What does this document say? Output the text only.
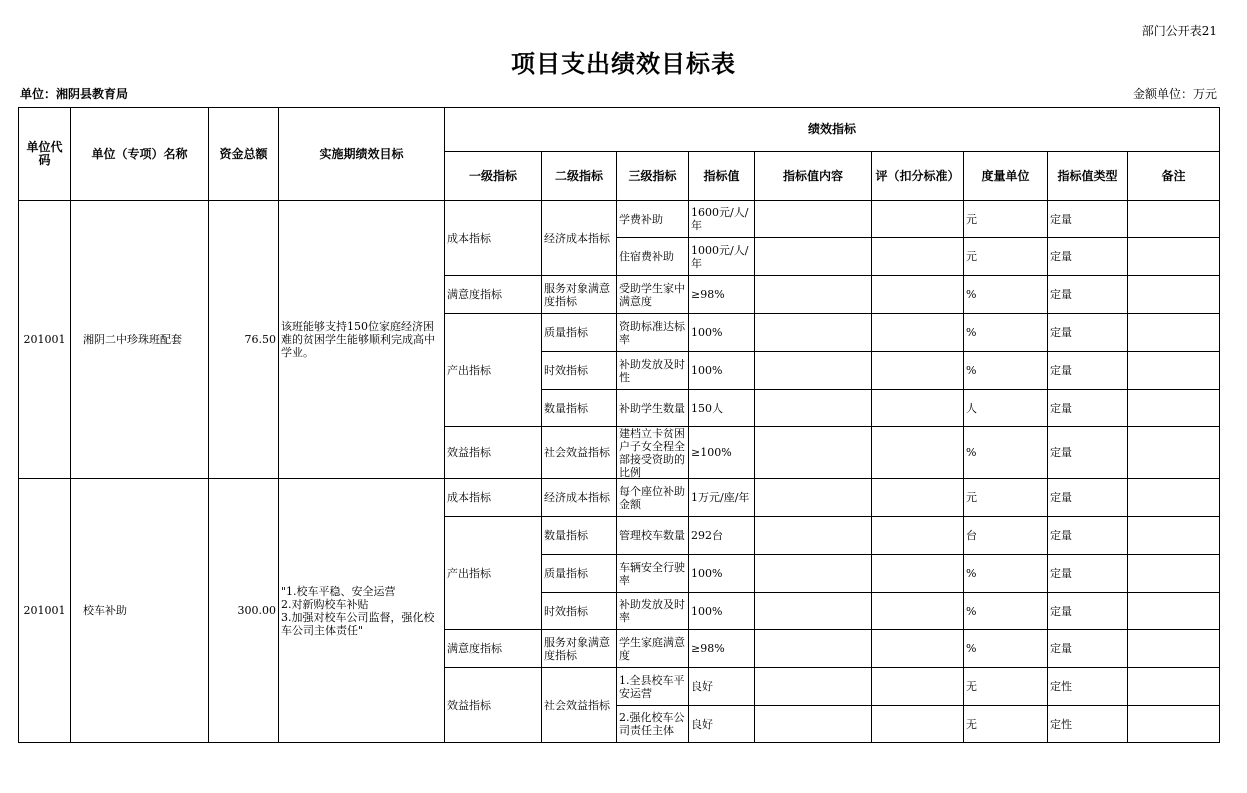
部门公开表21
项目支出绩效目标表
单位：湘阴县教育局	金额单位：万元
单位代码	单位（专项）名称	资金总额	实施期绩效目标	绩效指标								
				一级指标	二级指标	三级指标	指标值	指标值内容	评（扣分标准）	度量单位	指标值类型	备注
201001	湘阴二中珍珠班配套	76.50	该班能够支持150位家庭经济困难的贫困学生能够顺利完成高中学业。	成本指标	经济成本指标	学费补助	1600元/人/年			元	定量	
						住宿费补助	1000元/人/年			元	定量	
				满意度指标	服务对象满意度指标	受助学生家中满意度	≥98%			%	定量	
				产出指标	质量指标	资助标准达标率	100%			%	定量	
					时效指标	补助发放及时性	100%			%	定量	
					数量指标	补助学生数量	150人			人	定量	
				效益指标	社会效益指标	建档立卡贫困户子女全程全部接受资助的比例	≥100%			%	定量	
201001	校车补助	300.00	"1.校车平稳、安全运营
2.对新购校车补贴
3.加强对校车公司监督，强化校车公司主体责任"	成本指标	经济成本指标	每个座位补助金额	1万元/座/年			元	定量	
				产出指标	数量指标	管理校车数量	292台			台	定量	
					质量指标	车辆安全行驶率	100%			%	定量	
					时效指标	补助发放及时率	100%			%	定量	
				满意度指标	服务对象满意度指标	学生家庭满意度	≥98%			%	定量	
				效益指标	社会效益指标	1.全县校车平安运营	良好			无	定性	
						2.强化校车公司责任主体	良好			无	定性	
